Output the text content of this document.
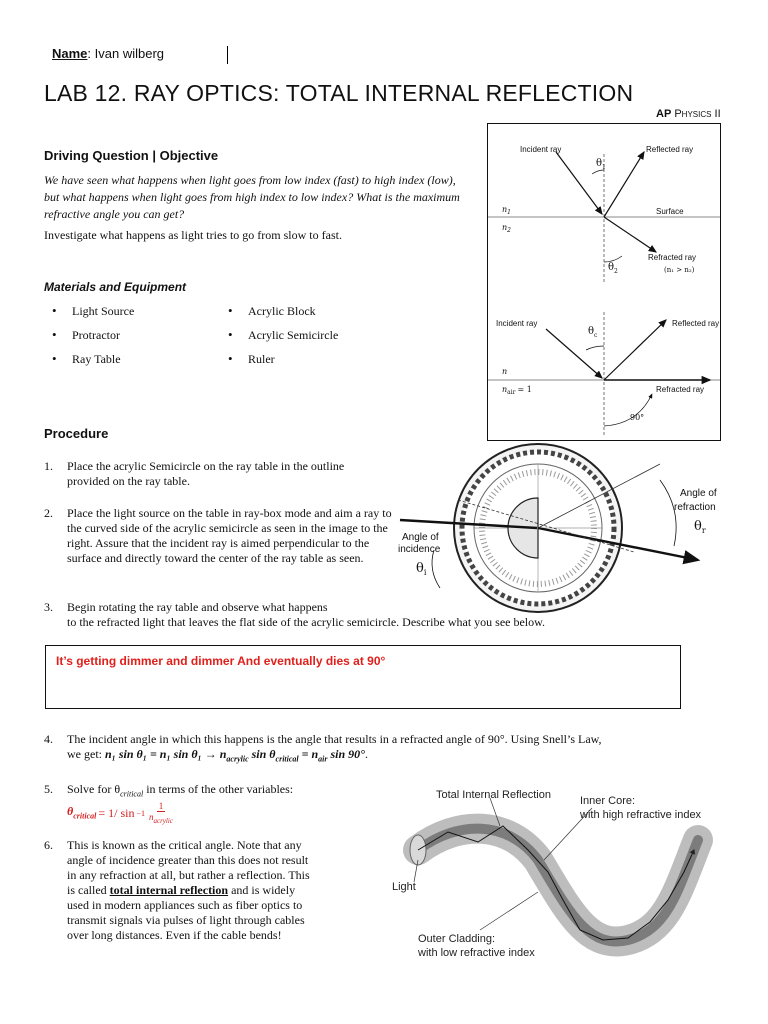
Name: Ivan wilberg
LAB 12. RAY OPTICS: TOTAL INTERNAL REFLECTION
AP Physics II
Driving Question | Objective
We have seen what happens when light goes from low index (fast) to high index (low), but what happens when light goes from high index to low index? What is the maximum refractive angle you can get?
Investigate what happens as light tries to go from slow to fast.
Materials and Equipment
• Light Source
• Protractor
• Ray Table
• Acrylic Block
• Acrylic Semicircle
• Ruler
Incident ray	Reflected ray
$\theta_1$
$n_1$
$n_2$
Surface
Refracted ray
(n₁ > n₂)
$\theta_2$
Incident ray	Reflected ray
$\theta_c$
n
$n_{air} = 1$	Refracted ray
90°
Procedure
1. Place the acrylic Semicircle on the ray table in the outline provided on the ray table.
2. Place the light source on the table in ray-box mode and aim a ray to the curved side of the acrylic semicircle as seen in the image to the right. Assure that the incident ray is aimed perpendicular to the surface and directly toward the center of the ray table as seen.
3. Begin rotating the ray table and observe what happens
to the refracted light that leaves the flat side of the acrylic semicircle. Describe what you see below.
Angle of
incidence
$\theta_i$
Angle of
refraction
$\theta_r$
It’s getting dimmer and dimmer And eventually dies at 90°
4. The incident angle in which this happens is the angle that results in a refracted angle of 90°. Using Snell’s Law,
we get: n₁ sin θ₁ = n₁ $\sin \theta_1 \to n_{acrylic}$ $\sin \theta_{critical} = n_{air}$ sin 90°.
5. Solve for $\theta_{critical}$ in terms of the other variables:

$\theta_{critical} = 1/$ sin −1
1
$n_{acrylic}$
6. This is known as the critical angle. Note that any
angle of incidence greater than this does not result
in any refraction at all, but rather a reflection. This
is called total internal reflection and is widely
used in modern appliances such as fiber optics to
transmit signals via pulses of light through cables
over long distances. Even if the cable bends!
Total Internal Reflection	Inner Core:
with high refractive index
Light
Outer Cladding:
with low refractive index
